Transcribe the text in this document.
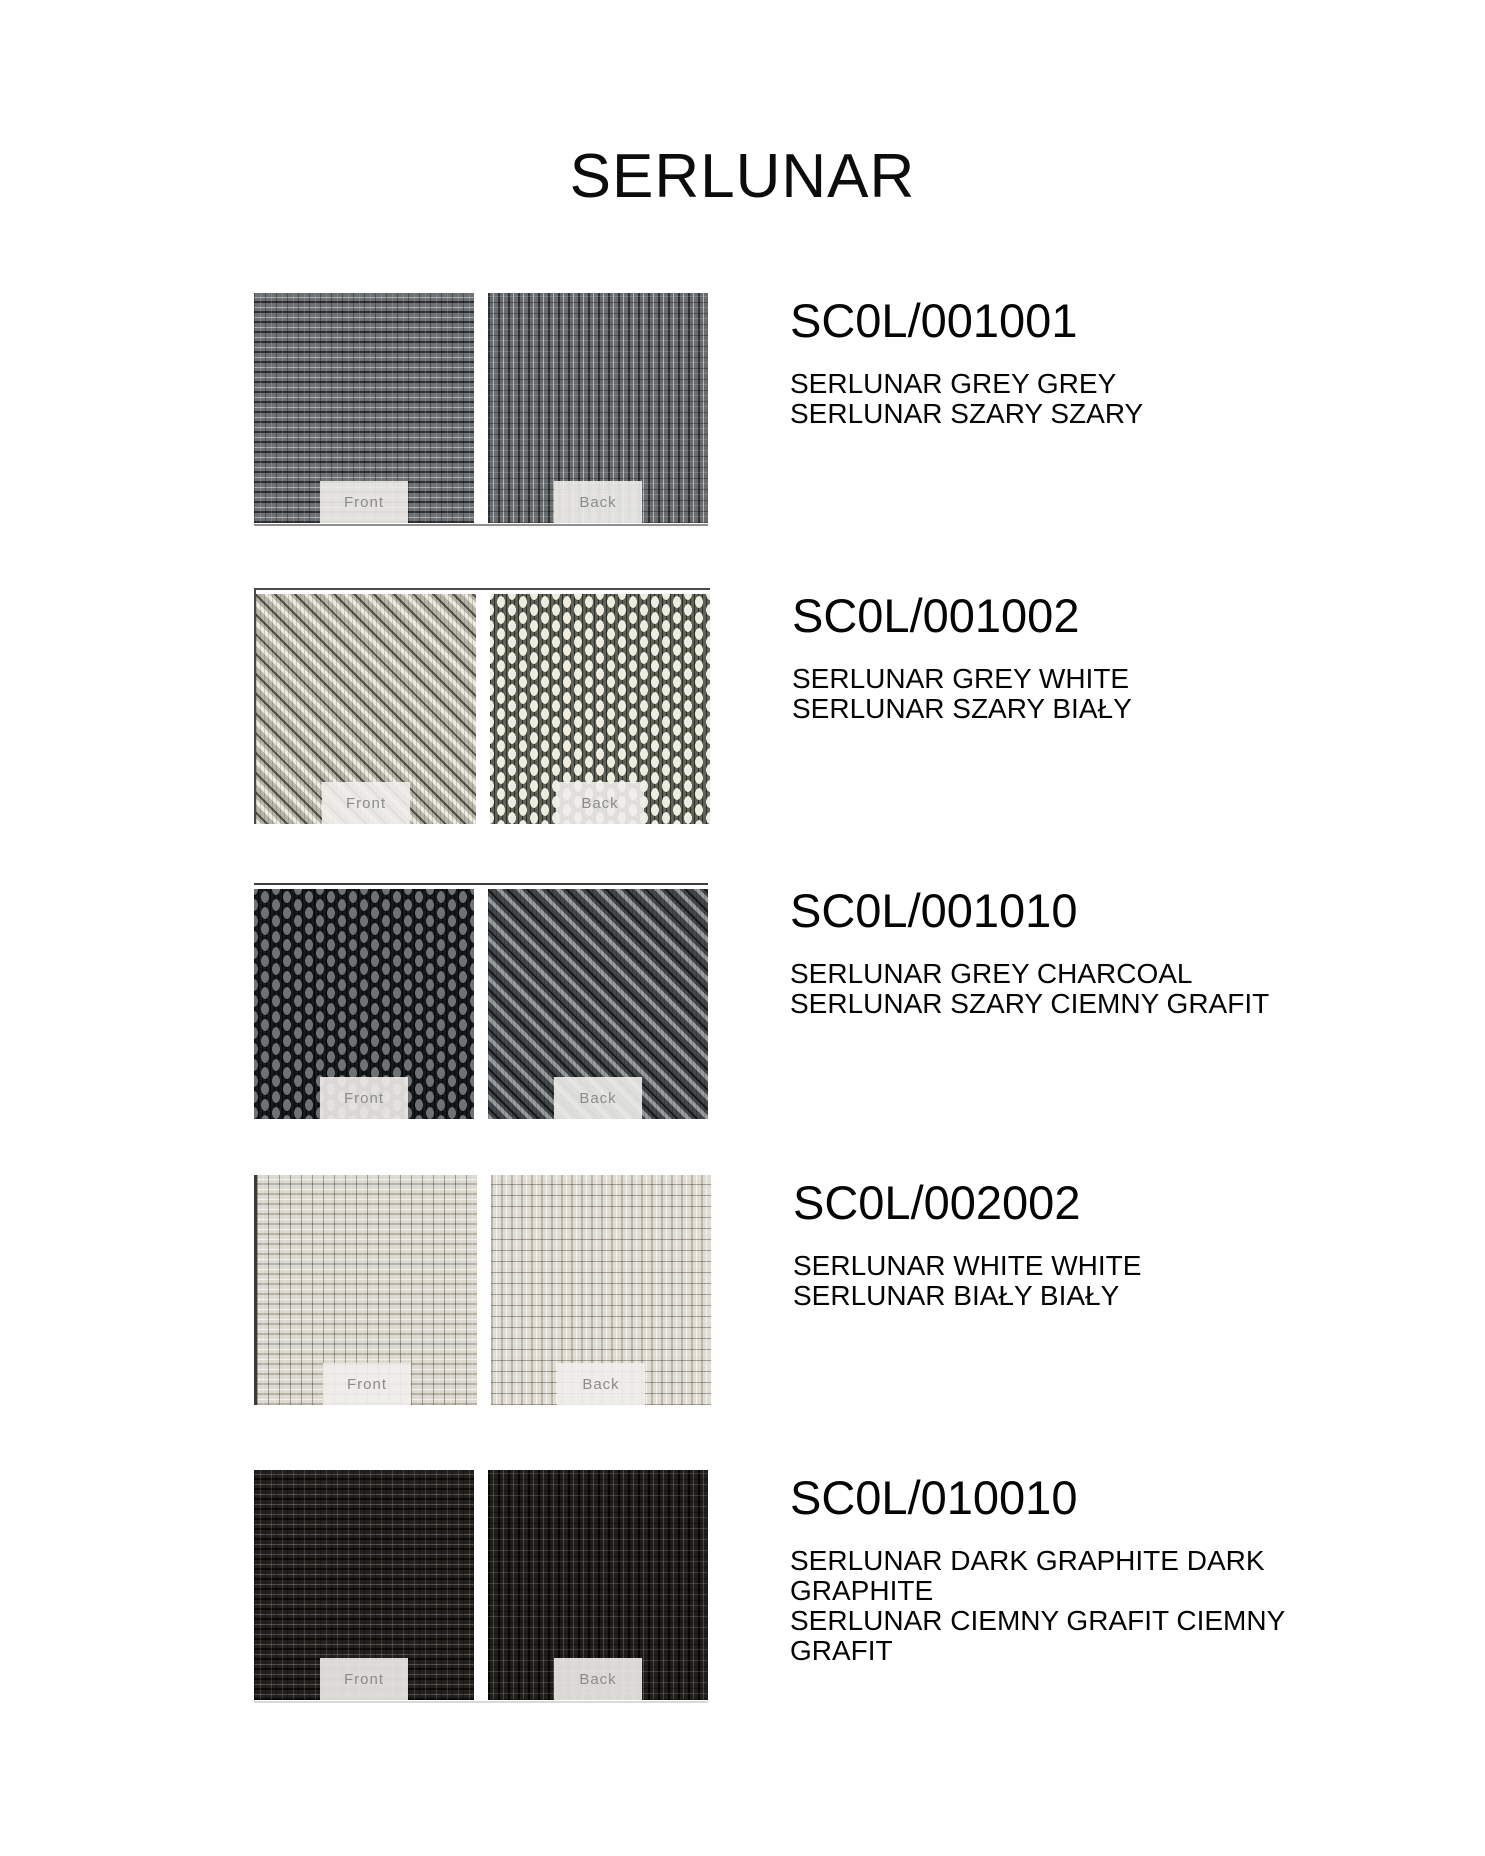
SERLUNAR
Front	Back
SC0L/001001
SERLUNAR GREY GREY
SERLUNAR SZARY SZARY
Front	Back
SC0L/001002
SERLUNAR GREY WHITE
SERLUNAR SZARY BIAŁY
Front	Back
SC0L/001010
SERLUNAR GREY CHARCOAL
SERLUNAR SZARY CIEMNY GRAFIT
Front	Back
SC0L/002002
SERLUNAR WHITE WHITE
SERLUNAR BIAŁY BIAŁY
Front	Back
SC0L/010010
SERLUNAR DARK GRAPHITE DARK
GRAPHITE
SERLUNAR CIEMNY GRAFIT CIEMNY
GRAFIT
